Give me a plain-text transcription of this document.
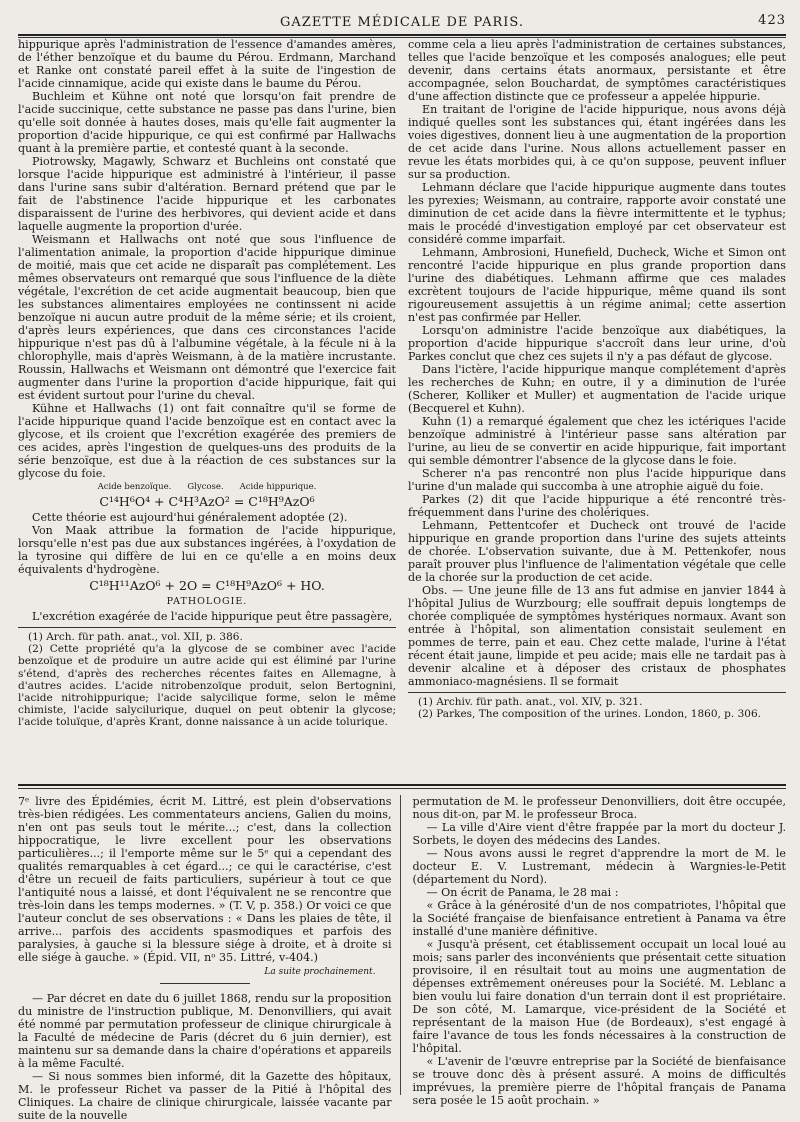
GAZETTE MÉDICALE DE PARIS.	423

hippurique après l'administration de l'essence d'amandes amères, de l'éther benzoïque et du baume du Pérou. Erdmann, Marchand et Ranke ont constaté pareil effet à la suite de l'ingestion de l'acide cinnamique, acide qui existe dans le baume du Pérou.

Buchleim et Kühne ont noté que lorsqu'on fait prendre de l'acide succinique, cette substance ne passe pas dans l'urine, bien qu'elle soit donnée à hautes doses, mais qu'elle fait augmenter la proportion d'acide hippurique, ce qui est confirmé par Hallwachs quant à la première partie, et contesté quant à la seconde.

Piotrowsky, Magawly, Schwarz et Buchleins ont constaté que lorsque l'acide hippurique est administré à l'intérieur, il passe dans l'urine sans subir d'altération. Bernard prétend que par le fait de l'abstinence l'acide hippurique et les carbonates disparaissent de l'urine des herbivores, qui devient acide et dans laquelle augmente la proportion d'urée.

Weismann et Hallwachs ont noté que sous l'influence de l'alimentation animale, la proportion d'acide hippurique diminue de moitié, mais que cet acide ne disparaît pas complétement. Les mêmes observateurs ont remarqué que sous l'influence de la diète végétale, l'excrétion de cet acide augmentait beaucoup, bien que les substances alimentaires employées ne continssent ni acide benzoïque ni aucun autre produit de la même série; et ils croient, d'après leurs expériences, que dans ces circonstances l'acide hippurique n'est pas dû à l'albumine végétale, à la fécule ni à la chlorophylle, mais d'après Weismann, à de la matière incrustante. Roussin, Hallwachs et Weismann ont démontré que l'exercice fait augmenter dans l'urine la proportion d'acide hippurique, fait qui est évident surtout pour l'urine du cheval.

Kühne et Hallwachs (1) ont fait connaître qu'il se forme de l'acide hippurique quand l'acide benzoïque est en contact avec la glycose, et ils croient que l'excrétion exagérée des premiers de ces acides, après l'ingestion de quelques-uns des produits de la série benzoïque, est due à la réaction de ces substances sur la glycose du foie.

Acide benzoïque. Glycose. Acide hippurique.
C¹⁴H⁶O⁴ + C⁴H³AzO² = C¹⁸H⁹AzO⁶

Cette théorie est aujourd'hui généralement adoptée (2).

Von Maak attribue la formation de l'acide hippurique, lorsqu'elle n'est pas due aux substances ingérées, à l'oxydation de la tyrosine qui diffère de lui en ce qu'elle a en moins deux équivalents d'hydrogène.

C¹⁸H¹¹AzO⁶ + 2O = C¹⁸H⁹AzO⁶ + HO.
PATHOLOGIE.

L'excrétion exagérée de l'acide hippurique peut être passagère,

(1) Arch. für path. anat., vol. XII, p. 386.

(2) Cette propriété qu'a la glycose de se combiner avec l'acide benzoïque et de produire un autre acide qui est éliminé par l'urine s'étend, d'après des recherches récentes faites en Allemagne, à d'autres acides. L'acide nitrobenzoïque produit, selon Bertognini, l'acide nitrohippurique; l'acide salycilique forme, selon le même chimiste, l'acide salycilurique, duquel on peut obtenir la glycose; l'acide toluïque, d'après Krant, donne naissance à un acide tolurique.

comme cela a lieu après l'administration de certaines substances, telles que l'acide benzoïque et les composés analogues; elle peut devenir, dans certains états anormaux, persistante et être accompagnée, selon Bouchardat, de symptômes caractéristiques d'une affection distincte que ce professeur a appelée hippurie.

En traitant de l'origine de l'acide hippurique, nous avons déjà indiqué quelles sont les substances qui, étant ingérées dans les voies digestives, donnent lieu à une augmentation de la proportion de cet acide dans l'urine. Nous allons actuellement passer en revue les états morbides qui, à ce qu'on suppose, peuvent influer sur sa production.

Lehmann déclare que l'acide hippurique augmente dans toutes les pyrexies; Weismann, au contraire, rapporte avoir constaté une diminution de cet acide dans la fièvre intermittente et le typhus; mais le procédé d'investigation employé par cet observateur est considéré comme imparfait.

Lehmann, Ambrosioni, Hunefield, Ducheck, Wiche et Simon ont rencontré l'acide hippurique en plus grande proportion dans l'urine des diabétiques. Lehmann affirme que ces malades excrètent toujours de l'acide hippurique, même quand ils sont rigoureusement assujettis à un régime animal; cette assertion n'est pas confirmée par Heller.

Lorsqu'on administre l'acide benzoïque aux diabétiques, la proportion d'acide hippurique s'accroît dans leur urine, d'où Parkes conclut que chez ces sujets il n'y a pas défaut de glycose.

Dans l'ictère, l'acide hippurique manque complétement d'après les recherches de Kuhn; en outre, il y a diminution de l'urée (Scherer, Kolliker et Muller) et augmentation de l'acide urique (Becquerel et Kuhn).

Kuhn (1) a remarqué également que chez les ictériques l'acide benzoïque administré à l'intérieur passe sans altération par l'urine, au lieu de se convertir en acide hippurique, fait important qui semble démontrer l'absence de la glycose dans le foie.

Scherer n'a pas rencontré non plus l'acide hippurique dans l'urine d'un malade qui succomba à une atrophie aiguë du foie.

Parkes (2) dit que l'acide hippurique a été rencontré très-fréquemment dans l'urine des cholériques.

Lehmann, Pettentcofer et Ducheck ont trouvé de l'acide hippurique en grande proportion dans l'urine des sujets atteints de chorée. L'observation suivante, due à M. Pettenkofer, nous paraît prouver plus l'influence de l'alimentation végétale que celle de la chorée sur la production de cet acide.

Obs. — Une jeune fille de 13 ans fut admise en janvier 1844 à l'hôpital Julius de Wurzbourg; elle souffrait depuis longtemps de chorée compliquée de symptômes hystériques normaux. Avant son entrée à l'hôpital, son alimentation consistait seulement en pommes de terre, pain et eau. Chez cette malade, l'urine à l'état récent était jaune, limpide et peu acide; mais elle ne tardait pas à devenir alcaline et à déposer des cristaux de phosphates ammoniaco-magnésiens. Il se formait

(1) Archiv. für path. anat., vol. XIV, p. 321.

(2) Parkes, The composition of the urines. London, 1860, p. 306.

7ᵉ livre des Épidémies, écrit M. Littré, est plein d'observations très-bien rédigées. Les commentateurs anciens, Galien du moins, n'en ont pas seuls tout le mérite...; c'est, dans la collection hippocratique, le livre excellent pour les observations particulières...; il l'emporte même sur le 5ᵉ qui a cependant des qualités remarquables à cet égard...; ce qui le caractérise, c'est d'être un recueil de faits particuliers, supérieur à tout ce que l'antiquité nous a laissé, et dont l'équivalent ne se rencontre que très-loin dans les temps modernes. » (T. V, p. 358.) Or voici ce que l'auteur conclut de ses observations : « Dans les plaies de tête, il arrive... parfois des accidents spasmodiques et parfois des paralysies, à gauche si la blessure siége à droite, et à droite si elle siége à gauche. » (Épid. VII, nᵒ 35. Littré, v-404.)

La suite prochainement.

— Par décret en date du 6 juillet 1868, rendu sur la proposition du ministre de l'instruction publique, M. Denonvilliers, qui avait été nommé par permutation professeur de clinique chirurgicale à la Faculté de médecine de Paris (décret du 6 juin dernier), est maintenu sur sa demande dans la chaire d'opérations et appareils à la même Faculté.

— Si nous sommes bien informé, dit la Gazette des hôpitaux, M. le professeur Richet va passer de la Pitié à l'hôpital des Cliniques. La chaire de clinique chirurgicale, laissée vacante par suite de la nouvelle

permutation de M. le professeur Denonvilliers, doit être occupée, nous dit-on, par M. le professeur Broca.

— La ville d'Aire vient d'être frappée par la mort du docteur J. Sorbets, le doyen des médecins des Landes.

— Nous avons aussi le regret d'apprendre la mort de M. le docteur E. V. Lustremant, médecin à Wargnies-le-Petit (département du Nord).

— On écrit de Panama, le 28 mai :

« Grâce à la générosité d'un de nos compatriotes, l'hôpital que la Société française de bienfaisance entretient à Panama va être installé d'une manière définitive.

« Jusqu'à présent, cet établissement occupait un local loué au mois; sans parler des inconvénients que présentait cette situation provisoire, il en résultait tout au moins une augmentation de dépenses extrêmement onéreuses pour la Société. M. Leblanc a bien voulu lui faire donation d'un terrain dont il est propriétaire. De son côté, M. Lamarque, vice-président de la Société et représentant de la maison Hue (de Bordeaux), s'est engagé à faire l'avance de tous les fonds nécessaires à la construction de l'hôpital.

« L'avenir de l'œuvre entreprise par la Société de bienfaisance se trouve donc dès à présent assuré. A moins de difficultés imprévues, la première pierre de l'hôpital français de Panama sera posée le 15 août prochain. »
